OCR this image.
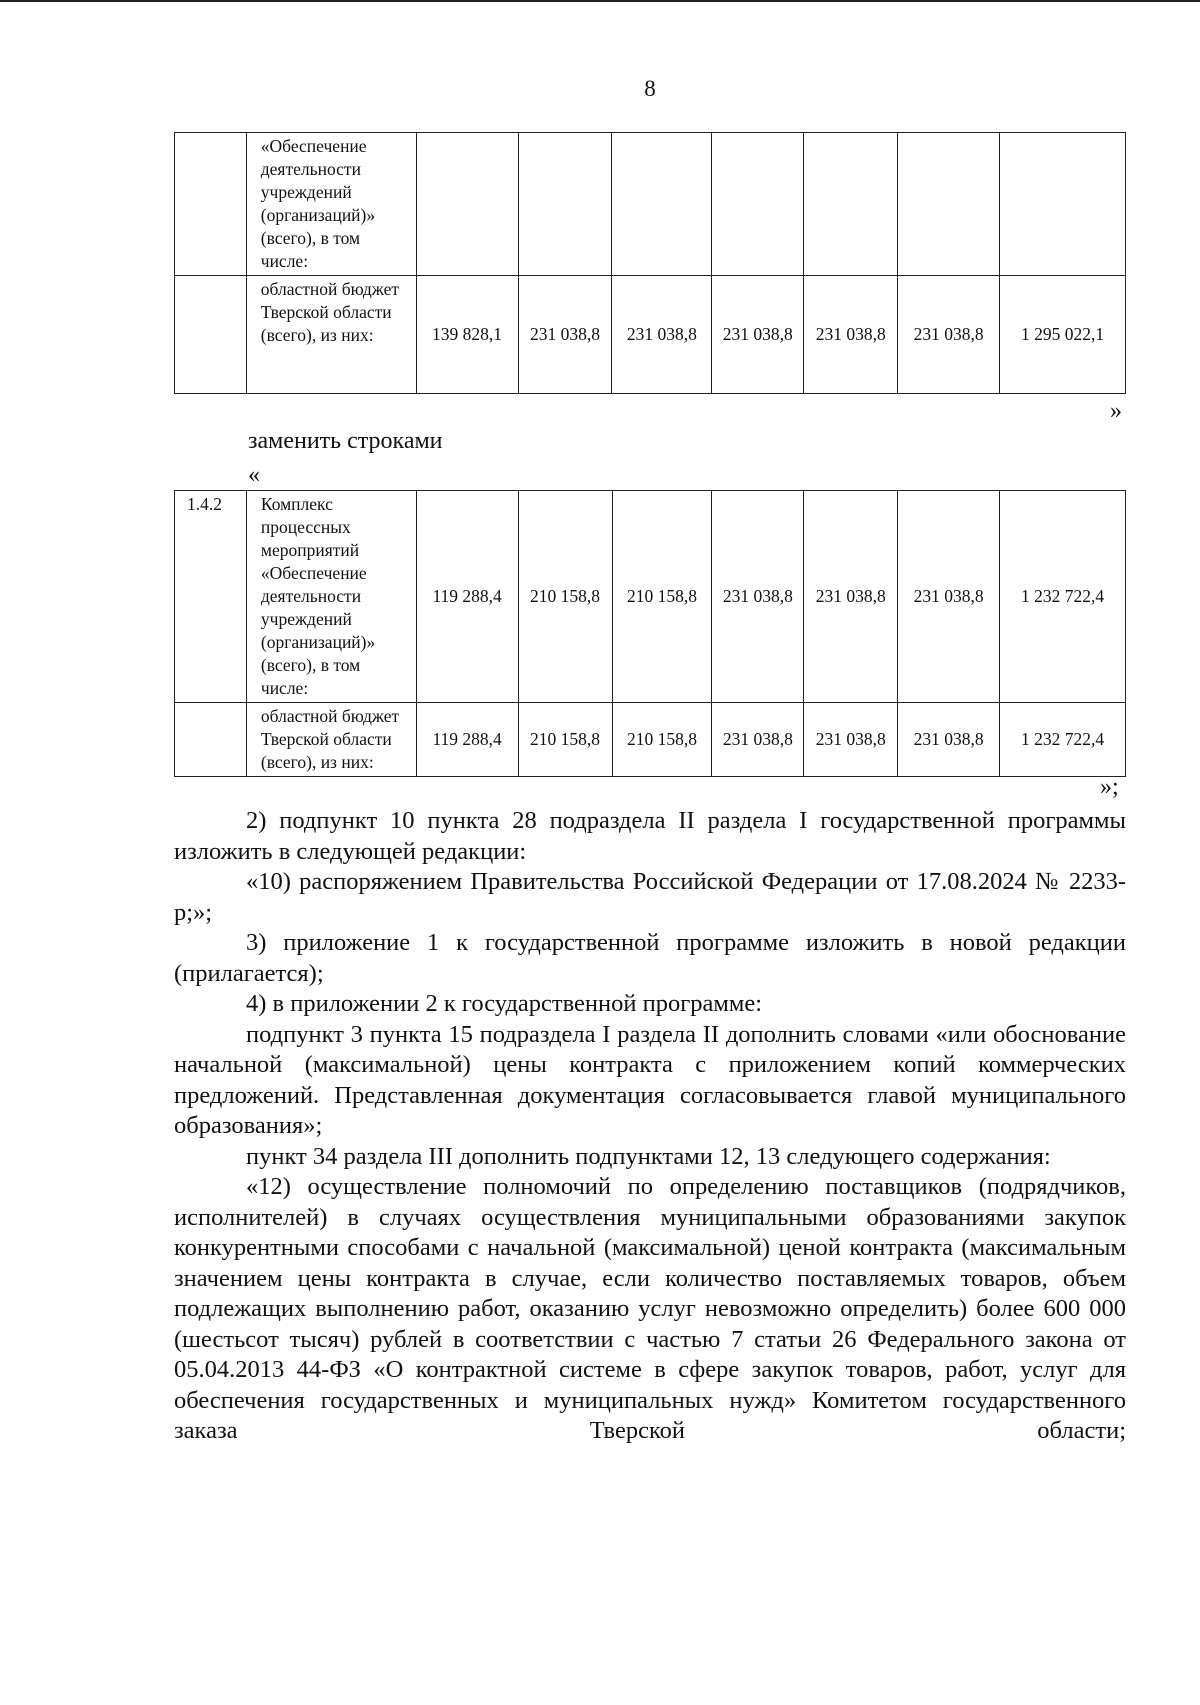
8
	«Обеспечение деятельности учреждений (организаций)» (всего), в том числе:							
	областной бюджет Тверской области (всего), из них:	139 828,1	231 038,8	231 038,8	231 038,8	231 038,8	231 038,8	1 295 022,1
»
заменить строками
«
1.4.2	Комплекс процессных мероприятий «Обеспечение деятельности учреждений (организаций)» (всего), в том числе:	119 288,4	210 158,8	210 158,8	231 038,8	231 038,8	231 038,8	1 232 722,4
	областной бюджет Тверской области (всего), из них:	119 288,4	210 158,8	210 158,8	231 038,8	231 038,8	231 038,8	1 232 722,4
»;

2) подпункт 10 пункта 28 подраздела II раздела I государственной программы изложить в следующей редакции:

«10) распоряжением Правительства Российской Федерации от 17.08.2024 № 2233-р;»;

3) приложение 1 к государственной программе изложить в новой редакции (прилагается);

4) в приложении 2 к государственной программе:

подпункт 3 пункта 15 подраздела I раздела II дополнить словами «или обоснование начальной (максимальной) цены контракта с приложением копий коммерческих предложений. Представленная документация согласовывается главой муниципального образования»;

пункт 34 раздела III дополнить подпунктами 12, 13 следующего содержания:

«12) осуществление полномочий по определению поставщиков (подрядчиков, исполнителей) в случаях осуществления муниципальными образованиями закупок конкурентными способами с начальной (максимальной) ценой контракта (максимальным значением цены контракта в случае, если количество поставляемых товаров, объем подлежащих выполнению работ, оказанию услуг невозможно определить) более 600 000 (шестьсот тысяч) рублей в соответствии с частью 7 статьи 26 Федерального закона от 05.04.2013 44-ФЗ «О контрактной системе в сфере закупок товаров, работ, услуг для обеспечения государственных и муниципальных нужд» Комитетом государственного заказа Тверской области;
